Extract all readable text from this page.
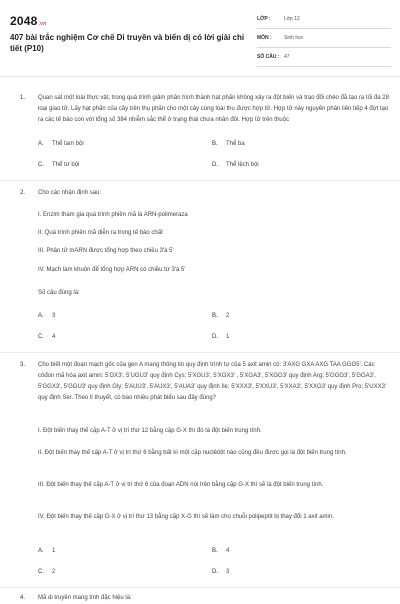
2048.vn
407 bài trắc nghiệm Cơ chế Di truyền và biến dị có lời giải chi tiết (P10)
LỚP :	Lớp 12
MÔN : Sinh học
SỐ CÂU : 47
1. Quan sát một loài thực vật, trong quá trình giảm phân hình thành hạt phấn không xảy ra đột biến và trao đổi chéo đã tạo ra tối đa 28 loại giao tử. Lấy hạt phấn của cây trên thụ phấn cho một cây cùng loài thu được hợp tử. Hợp tử này nguyên phân liên tiếp 4 đợt tạo ra các tế bào con với tổng số 384 nhiễm sắc thể ở trạng thái chưa nhân đôi. Hợp tử trên thuộc
A. Thể tam bội	B. Thể ba
C. Thể tứ bội	D. Thể lệch bội
2. Cho các nhận định sau:
I. Enzim tham gia quá trình phiên mã là ARN-polimeraza
II. Quá trình phiên mã diễn ra trong tế bào chất
III. Phân tử mARN được tổng hợp theo chiều 3'à 5'
IV. Mạch làm khuôn để tổng hợp ARN có chiều từ 3'à 5'
Số câu đúng là:
A. 3	B. 2
C. 4	D. 1
3. Cho biết một đoạn mạch gốc của gen A mang thông tin quy định trình tự của 5 axit amin có: 3'AXG GXA AXG TAA GGG5'. Các côđon mã hóa axit amin: 5'GX3', 5'UGU3' quy định Cys; 5'XGU3', 5'XGX3' , 5'XGA3', 5'XGG3' quy định Arg; 5'GGG3', 5'GGA3', 5'GGX3', 5'GGU3' quy định Gly; 5'AUU3', 5'AUX3', 5'AUA3' quy định Ile; 5'XXX3', 5'XXU3', 5'XXA3', 5'XXG3' quy định Pro; 5'UXX3' quy định Ser. Theo lí thuyết, có bao nhiêu phát biểu sau đây đúng?
I. Đột biến thay thế cặp A-T ở vị trí thứ 12 bằng cặp G-X thì đó là đột biến trung tính.
II. Đột biến thay thế cặp A-T ở vị trí thứ 6 bằng bất kì một cặp nuclêôtit nào cũng đều được gọi là đột biến trung tính.
III. Đột biến thay thế cặp A-T ở vị trí thứ 6 của đoạn ADN nói trên bằng cặp G-X thì sẽ là đột biến trung tính.
IV. Đột biến thay thế cặp G-X ở vị trí thứ 13 bằng cặp X-G thì sẽ làm cho chuỗi polipeptit bị thay đổi 1 axit amin.
A. 1	B. 4
C. 2	D. 3
4. Mã di truyền mang tính đặc hiệu là:
